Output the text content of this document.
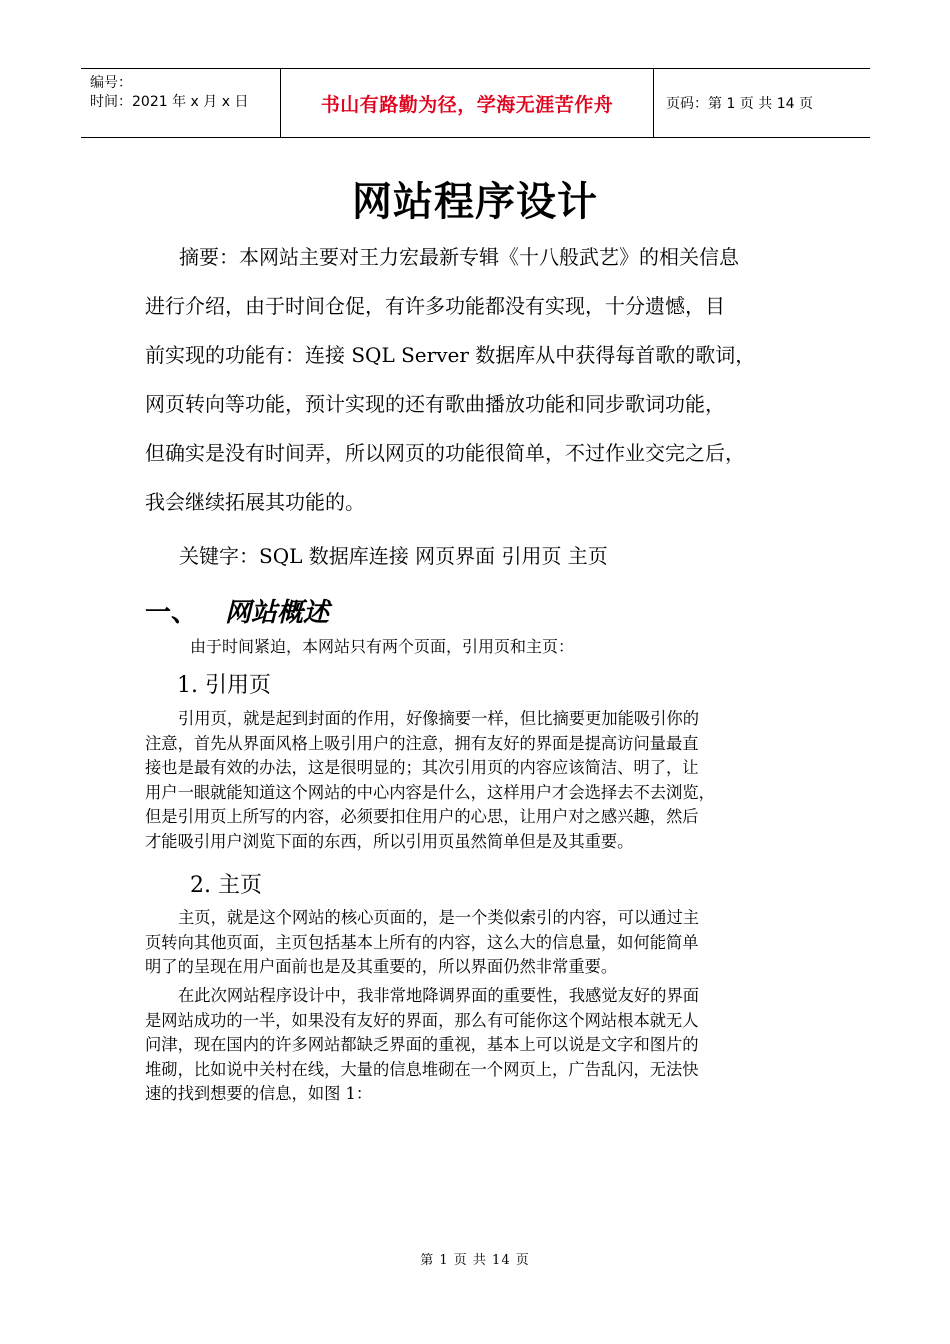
编号：
时间：2021 年 x 月 x 日	书山有路勤为径，学海无涯苦作舟	页码：第 1 页 共 14 页
网站程序设计
摘要：本网站主要对王力宏最新专辑《十八般武艺》的相关信息
进行介绍，由于时间仓促，有许多功能都没有实现，十分遗憾，目
前实现的功能有：连接 SQL Server 数据库从中获得每首歌的歌词，
网页转向等功能，预计实现的还有歌曲播放功能和同步歌词功能，
但确实是没有时间弄，所以网页的功能很简单，不过作业交完之后，
我会继续拓展其功能的。
关键字：SQL 数据库连接 网页界面 引用页 主页
一、 网站概述
由于时间紧迫，本网站只有两个页面，引用页和主页：
1. 引用页
引用页，就是起到封面的作用，好像摘要一样，但比摘要更加能吸引你的
注意，首先从界面风格上吸引用户的注意，拥有友好的界面是提高访问量最直
接也是最有效的办法，这是很明显的；其次引用页的内容应该简洁、明了，让
用户一眼就能知道这个网站的中心内容是什么，这样用户才会选择去不去浏览，
但是引用页上所写的内容，必须要扣住用户的心思，让用户对之感兴趣，然后
才能吸引用户浏览下面的东西，所以引用页虽然简单但是及其重要。
2. 主页
主页，就是这个网站的核心页面的，是一个类似索引的内容，可以通过主
页转向其他页面，主页包括基本上所有的内容，这么大的信息量，如何能简单
明了的呈现在用户面前也是及其重要的，所以界面仍然非常重要。
在此次网站程序设计中，我非常地降调界面的重要性，我感觉友好的界面
是网站成功的一半，如果没有友好的界面，那么有可能你这个网站根本就无人
问津，现在国内的许多网站都缺乏界面的重视，基本上可以说是文字和图片的
堆砌，比如说中关村在线，大量的信息堆砌在一个网页上，广告乱闪，无法快
速的找到想要的信息，如图 1：
第 1 页 共 14 页
